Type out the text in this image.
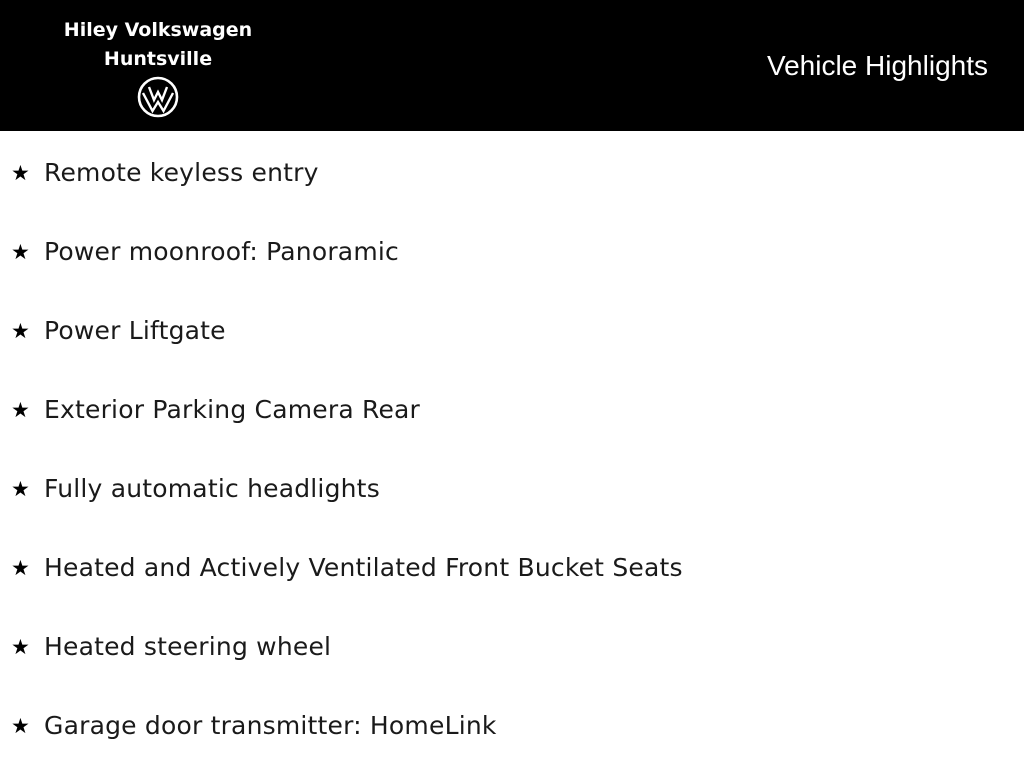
Hiley Volkswagen
Huntsville	Vehicle Highlights
★ Remote keyless entry
★ Power moonroof: Panoramic
★ Power Liftgate
★ Exterior Parking Camera Rear
★ Fully automatic headlights
★ Heated and Actively Ventilated Front Bucket Seats
★ Heated steering wheel
★ Garage door transmitter: HomeLink
